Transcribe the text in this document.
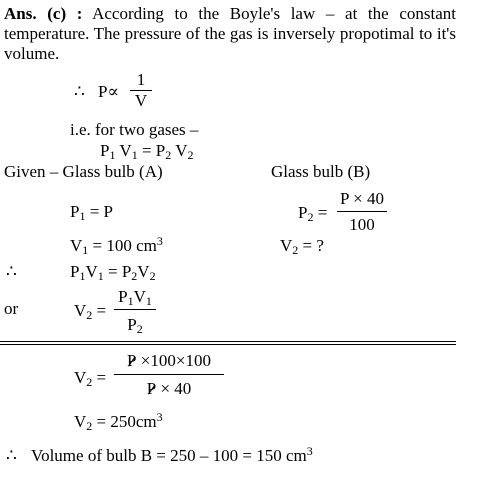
Ans. (c) : According to the Boyle's law – at the constant temperature. The pressure of the gas is inversely propotimal to it's volume.
∴ P∝
1
V
i.e. for two gases –
$P_1$ $V_1 = P_2$ $V_2$
Given – Glass bulb (A)	Glass bulb (B)
$P_1 = P$	$P_2$ =
P × 40
100
$V_1 = 100$ $cm^3$	$V_2$ = ?
∴	$P_1V_1 = P_2V_2$
or	$V_2$ =
$P_1V_1$
$P_2$
$V_2$ =
P ×100×100
P × 40
$V_2 = 250cm^3$
∴ Volume of bulb B = 250 – 100 = 150 $cm^3$
